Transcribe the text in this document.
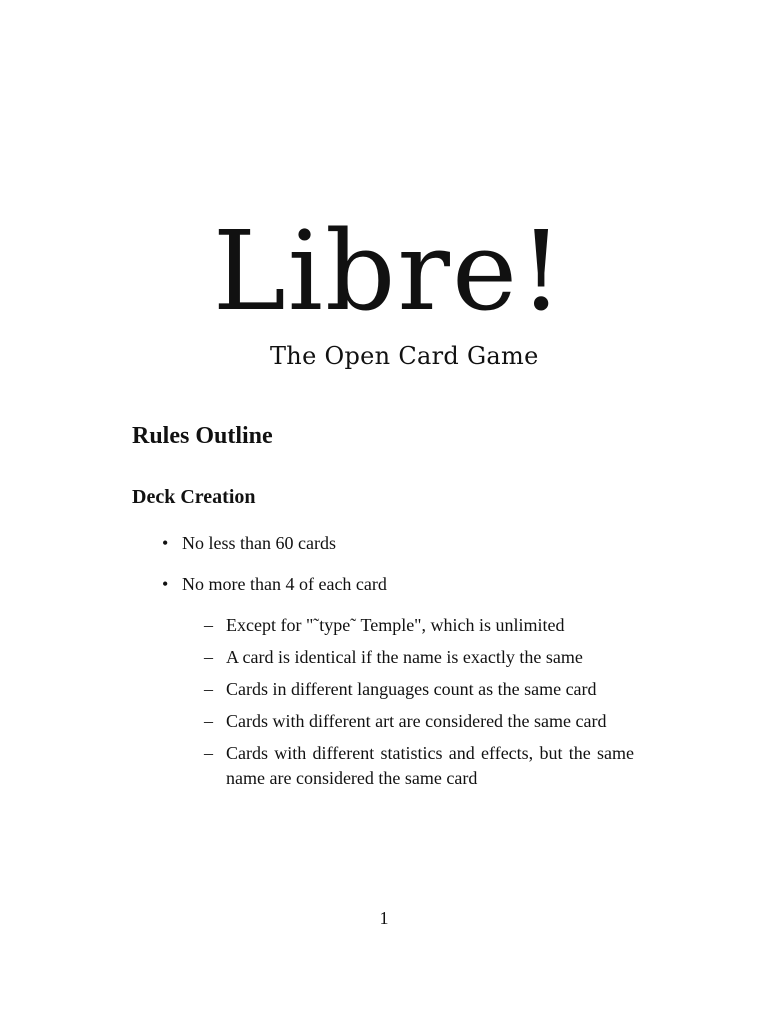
Libre!
The Open Card Game
Rules Outline
Deck Creation
• No less than 60 cards
• No more than 4 of each card
– Except for "˜type˜ Temple", which is unlimited
– A card is identical if the name is exactly the same
– Cards in different languages count as the same card
– Cards with different art are considered the same card
– Cards with different statistics and effects, but the same name are considered the same card
1
